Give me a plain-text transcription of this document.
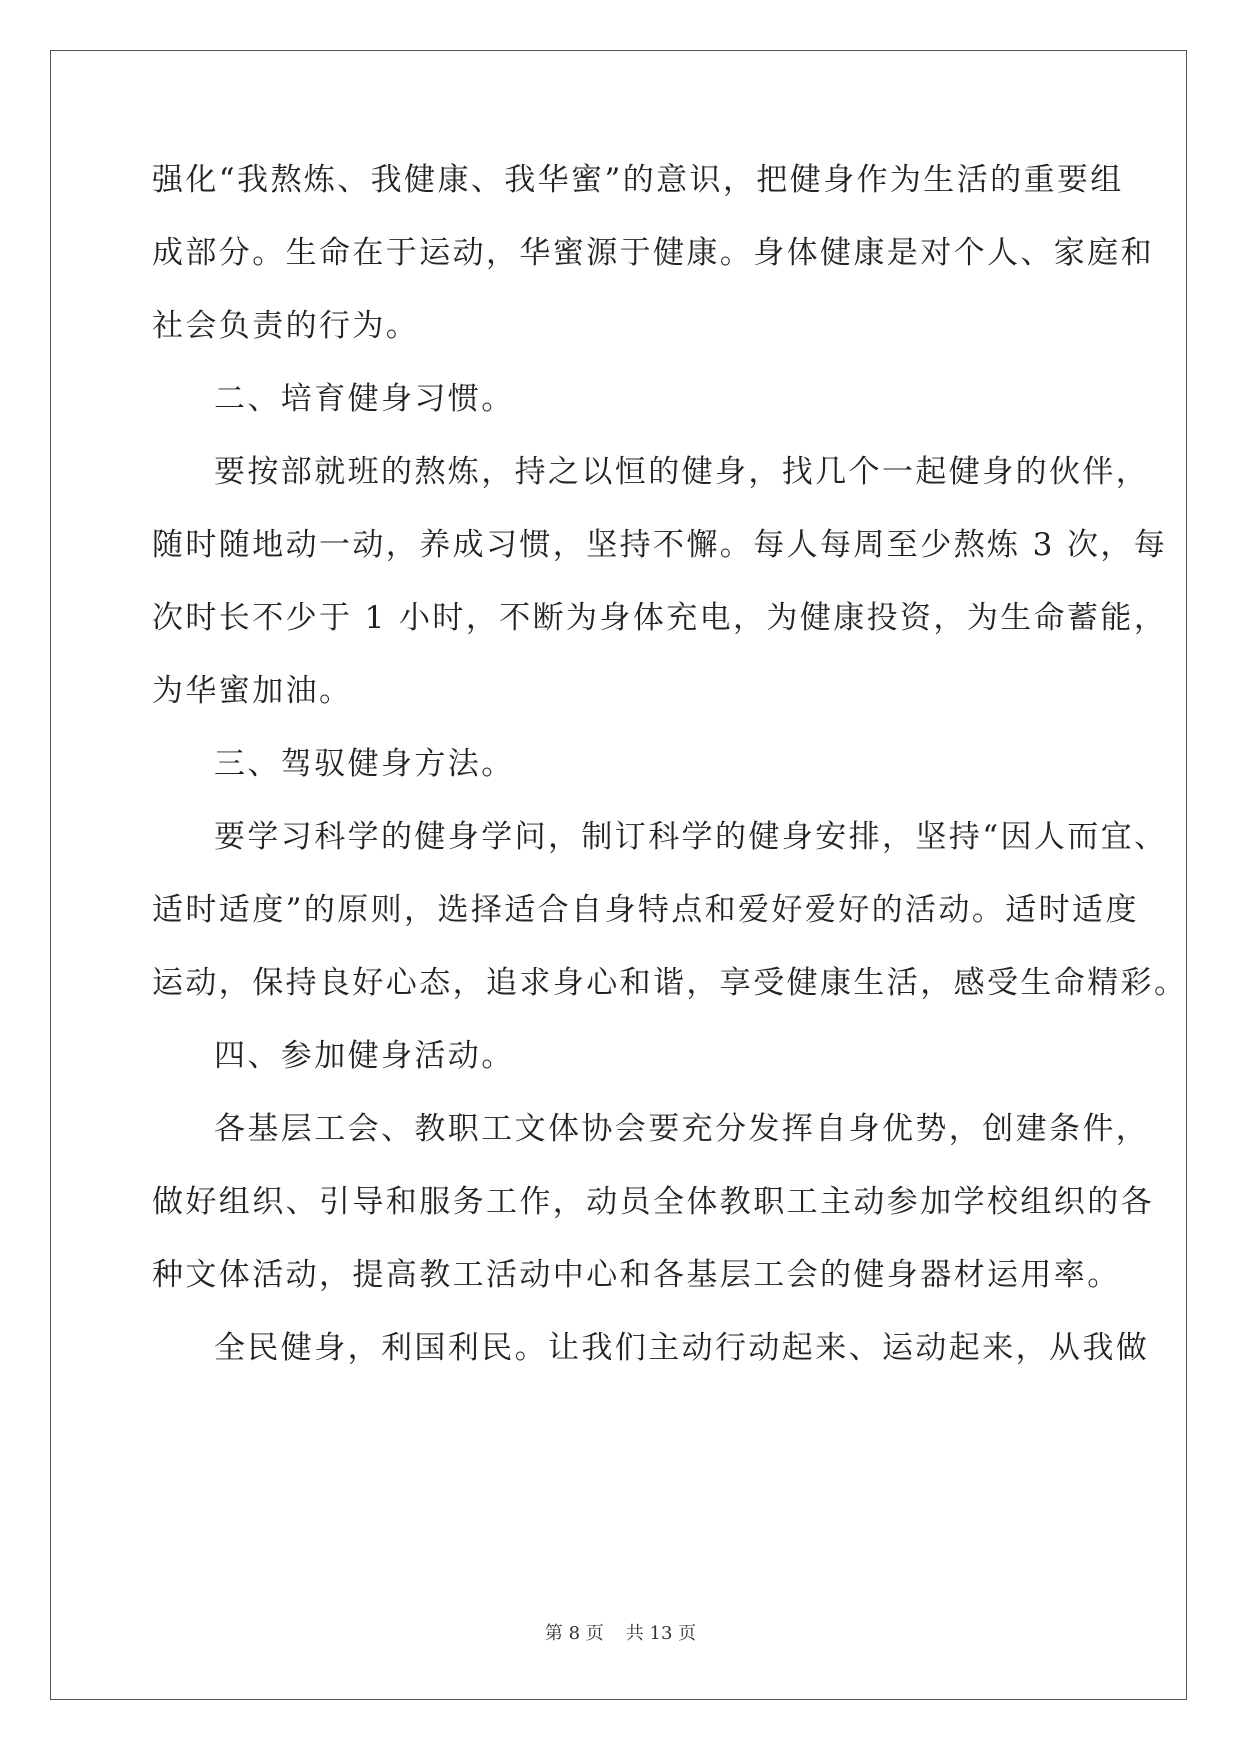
强化“我熬炼、我健康、我华蜜”的意识，把健身作为生活的重要组
成部分。生命在于运动，华蜜源于健康。身体健康是对个人、家庭和
社会负责的行为。
二、培育健身习惯。
要按部就班的熬炼，持之以恒的健身，找几个一起健身的伙伴，
随时随地动一动，养成习惯，坚持不懈。每人每周至少熬炼 3 次，每
次时长不少于 1 小时，不断为身体充电，为健康投资，为生命蓄能，
为华蜜加油。
三、驾驭健身方法。
要学习科学的健身学问，制订科学的健身安排，坚持“因人而宜、
适时适度”的原则，选择适合自身特点和爱好爱好的活动。适时适度
运动，保持良好心态，追求身心和谐，享受健康生活，感受生命精彩。
四、参加健身活动。
各基层工会、教职工文体协会要充分发挥自身优势，创建条件，
做好组织、引导和服务工作，动员全体教职工主动参加学校组织的各
种文体活动，提高教工活动中心和各基层工会的健身器材运用率。
全民健身，利国利民。让我们主动行动起来、运动起来，从我做
第 8 页 共 13 页
